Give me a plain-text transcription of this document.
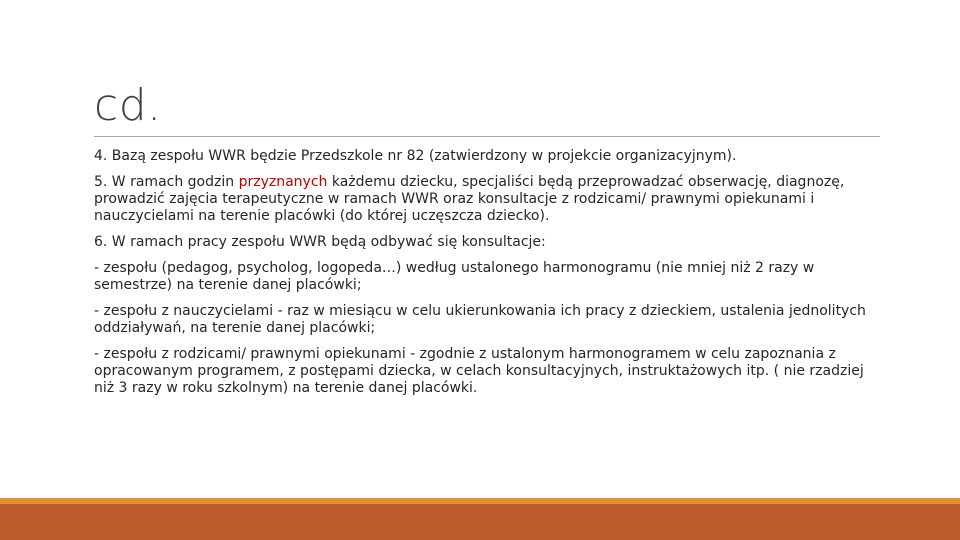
cd.

4. Bazą zespołu WWR będzie Przedszkole nr 82 (zatwierdzony w projekcie organizacyjnym).

5. W ramach godzin przyznanych każdemu dziecku, specjaliści będą przeprowadzać obserwację, diagnozę, prowadzić zajęcia terapeutyczne w ramach WWR oraz konsultacje z rodzicami/ prawnymi opiekunami i nauczycielami na terenie placówki (do której uczęszcza dziecko).

6. W ramach pracy zespołu WWR będą odbywać się konsultacje:

- zespołu (pedagog, psycholog, logopeda…) według ustalonego harmonogramu (nie mniej niż 2 razy w semestrze) na terenie danej placówki;

- zespołu z nauczycielami - raz w miesiącu w celu ukierunkowania ich pracy z dzieckiem, ustalenia jednolitych oddziaływań, na terenie danej placówki;

- zespołu z rodzicami/ prawnymi opiekunami - zgodnie z ustalonym harmonogramem w celu zapoznania z opracowanym programem, z postępami dziecka, w celach konsultacyjnych, instruktażowych itp. ( nie rzadziej niż 3 razy w roku szkolnym) na terenie danej placówki.
